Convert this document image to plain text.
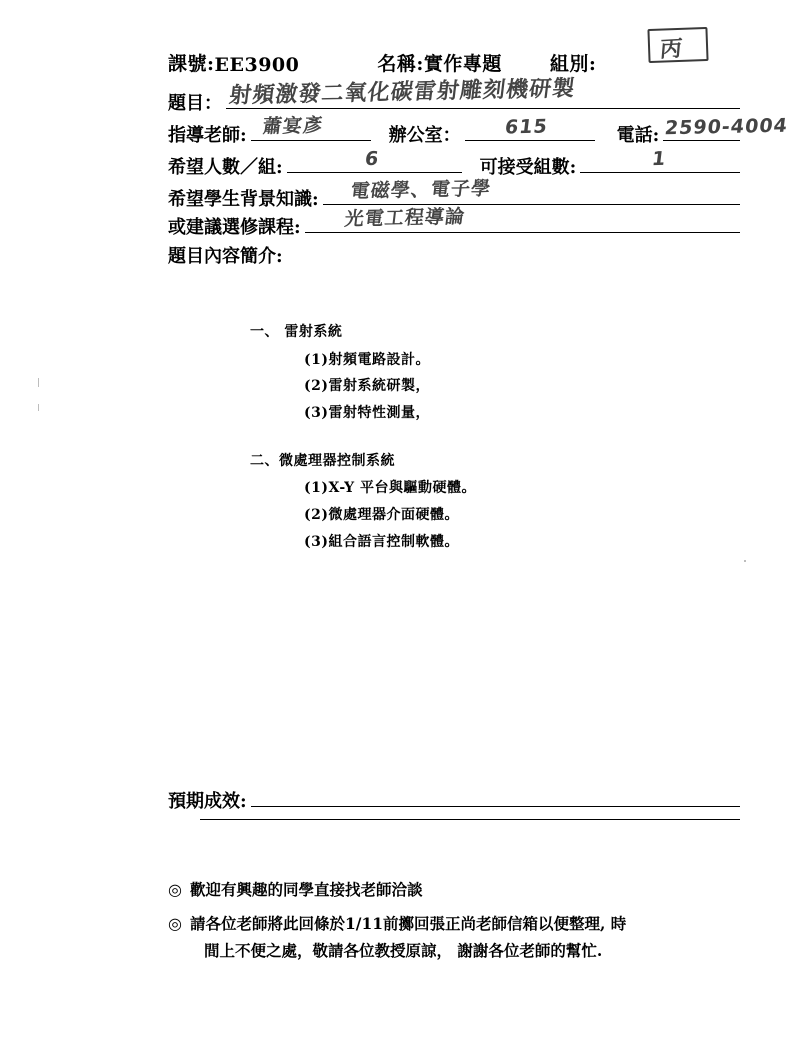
課號: EE3900	名稱: 實作專題	組別:
丙
題目： 射頻激發二氧化碳雷射雕刻機研製
指導老師: 蕭宴彥	辦公室： 615	電話: 2590-4004
希望人數／組:	6	可接受組數:	1
希望學生背景知識: 電磁學、電子學
或建議選修課程: 光電工程導論
題目內容簡介:
一、 雷射系統
(1)射頻電路設計。
(2)雷射系統研製，
(3)雷射特性測量，
二、微處理器控制系統
(1)X-Y 平台與驅動硬體。
(2)微處理器介面硬體。
(3)組合語言控制軟體。
預期成效:
◎ 歡迎有興趣的同學直接找老師洽談
◎ 請各位老師將此回條於1/11前擲回張正尚老師信箱以便整理, 時
間上不便之處，敬請各位教授原諒， 謝謝各位老師的幫忙.
